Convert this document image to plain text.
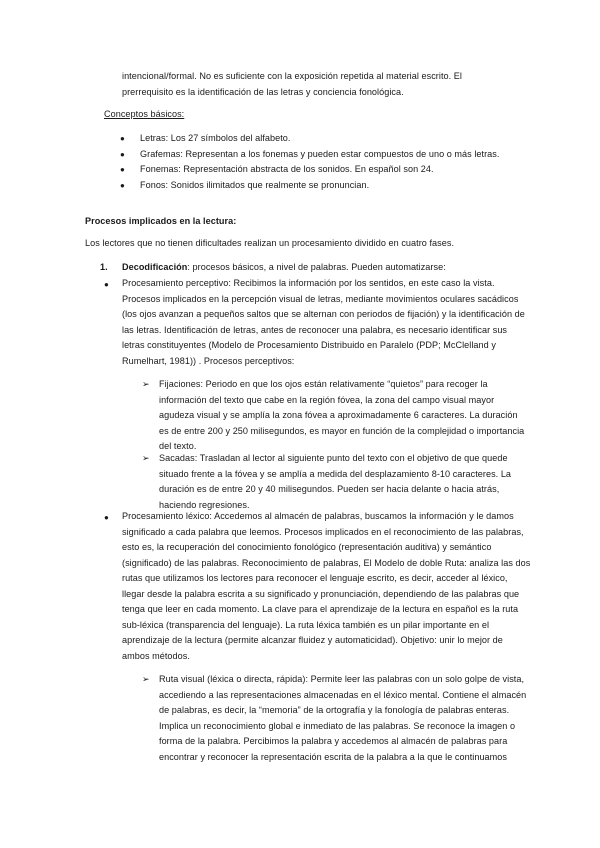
intencional/formal. No es suficiente con la exposición repetida al material escrito. El prerrequisito es la identificación de las letras y conciencia fonológica.

Conceptos básicos:

● Letras: Los 27 símbolos del alfabeto.
● Grafemas: Representan a los fonemas y pueden estar compuestos de uno o más letras.
● Fonemas: Representación abstracta de los sonidos. En español son 24.
● Fonos: Sonidos ilimitados que realmente se pronuncian.

Procesos implicados en la lectura:

Los lectores que no tienen dificultades realizan un procesamiento dividido en cuatro fases.

1. Decodificación: procesos básicos, a nivel de palabras. Pueden automatizarse:

● Procesamiento perceptivo: Recibimos la información por los sentidos, en este caso la vista. Procesos implicados en la percepción visual de letras, mediante movimientos oculares sacádicos (los ojos avanzan a pequeños saltos que se alternan con periodos de fijación) y la identificación de las letras. Identificación de letras, antes de reconocer una palabra, es necesario identificar sus letras constituyentes (Modelo de Procesamiento Distribuido en Paralelo (PDP; McClelland y Rumelhart, 1981)) . Procesos perceptivos:

➢ Fijaciones: Periodo en que los ojos están relativamente “quietos” para recoger la información del texto que cabe en la región fóvea, la zona del campo visual mayor agudeza visual y se amplía la zona fóvea a aproximadamente 6 caracteres. La duración es de entre 200 y 250 milisegundos, es mayor en función de la complejidad o importancia del texto.

➢ Sacadas: Trasladan al lector al siguiente punto del texto con el objetivo de que quede situado frente a la fóvea y se amplía a medida del desplazamiento 8-10 caracteres. La duración es de entre 20 y 40 milisegundos. Pueden ser hacia delante o hacia atrás, haciendo regresiones.

● Procesamiento léxico: Accedemos al almacén de palabras, buscamos la información y le damos significado a cada palabra que leemos. Procesos implicados en el reconocimiento de las palabras, esto es, la recuperación del conocimiento fonológico (representación auditiva) y semántico (significado) de las palabras. Reconocimiento de palabras, El Modelo de doble Ruta: analiza las dos rutas que utilizamos los lectores para reconocer el lenguaje escrito, es decir, acceder al léxico, llegar desde la palabra escrita a su significado y pronunciación, dependiendo de las palabras que tenga que leer en cada momento. La clave para el aprendizaje de la lectura en español es la ruta sub-léxica (transparencia del lenguaje). La ruta léxica también es un pilar importante en el aprendizaje de la lectura (permite alcanzar fluidez y automaticidad). Objetivo: unir lo mejor de ambos métodos.

➢ Ruta visual (léxica o directa, rápida): Permite leer las palabras con un solo golpe de vista, accediendo a las representaciones almacenadas en el léxico mental. Contiene el almacén de palabras, es decir, la “memoria” de la ortografía y la fonología de palabras enteras. Implica un reconocimiento global e inmediato de las palabras. Se reconoce la imagen o forma de la palabra. Percibimos la palabra y accedemos al almacén de palabras para encontrar y reconocer la representación escrita de la palabra a la que le continuamos
